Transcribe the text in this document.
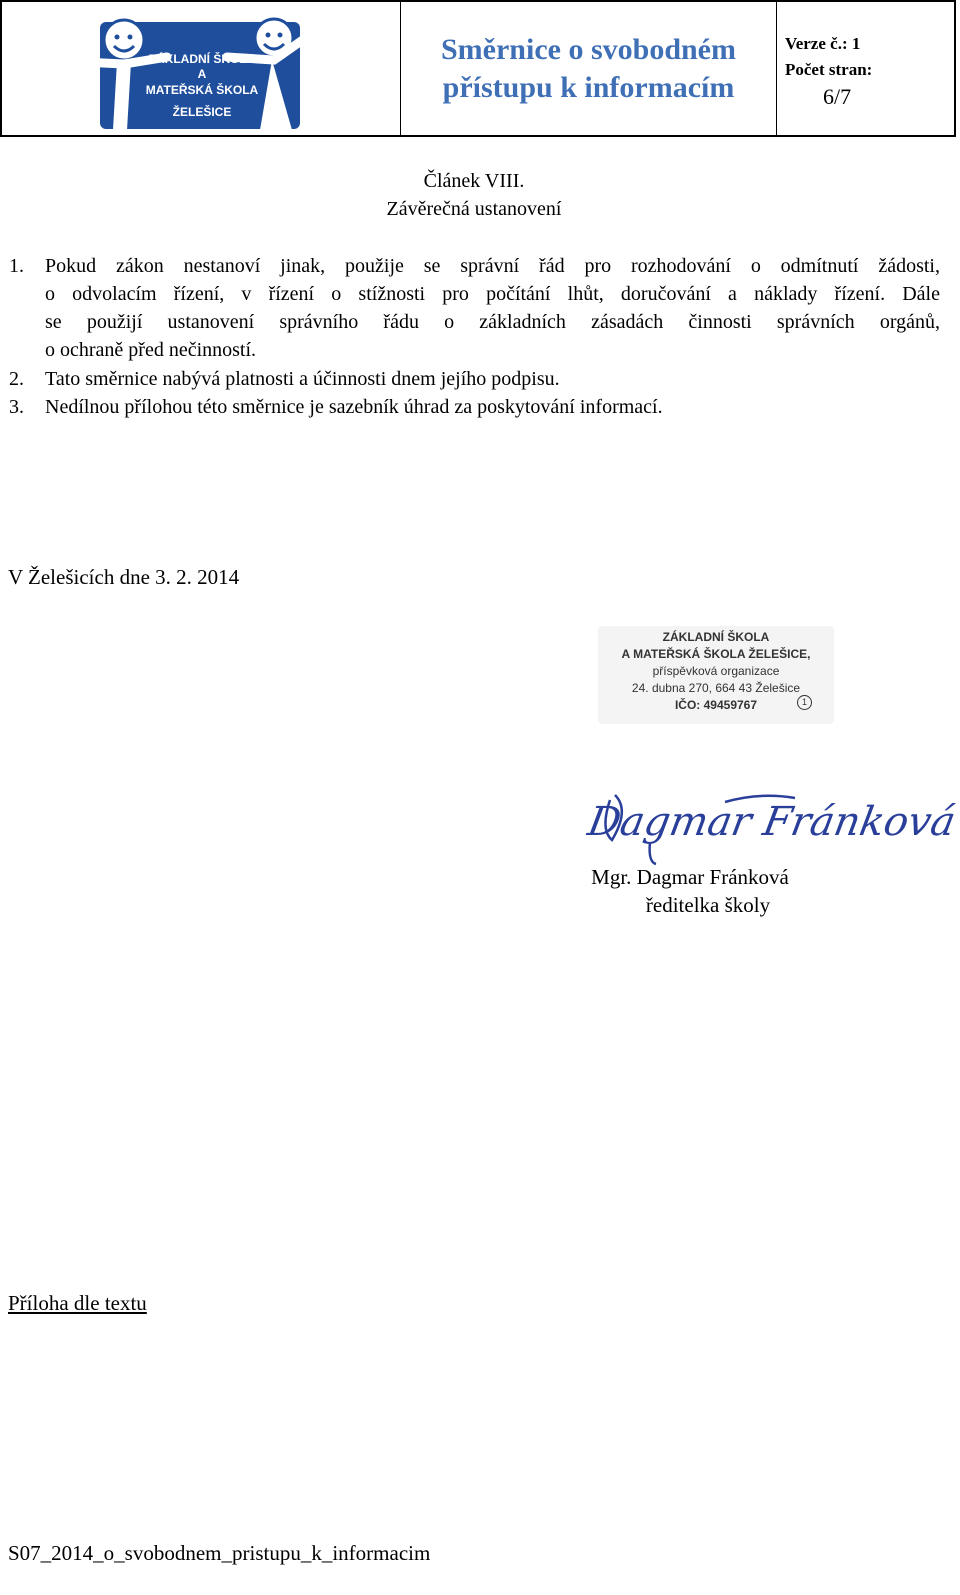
ZÁKLADNÍ ŠKOLA
A
MATEŘSKÁ ŠKOLA
ŽELEŠICE
Směrnice o svobodném
přístupu k informacím
Verze č.: 1
Počet stran:
6/7
Článek VIII.
Závěrečná ustanovení
1. Pokud zákon nestanoví jinak, použije se správní řád pro rozhodování o odmítnutí žádosti,
o odvolacím řízení, v řízení o stížnosti pro počítání lhůt, doručování a náklady řízení. Dále
se použijí ustanovení správního řádu o základních zásadách činnosti správních orgánů,
o ochraně před nečinností.
2. Tato směrnice nabývá platnosti a účinnosti dnem jejího podpisu.
3. Nedílnou přílohou této směrnice je sazebník úhrad za poskytování informací.
V Želešicích dne 3. 2. 2014
ZÁKLADNÍ ŠKOLA
A MATEŘSKÁ ŠKOLA ŽELEŠICE,
příspěvková organizace
24. dubna 270, 664 43 Želešice
IČO: 49459767	1
Dagmar Fránková
Mgr. Dagmar Fránková
ředitelka školy
Příloha dle textu
S07_2014_o_svobodnem_pristupu_k_informacim
